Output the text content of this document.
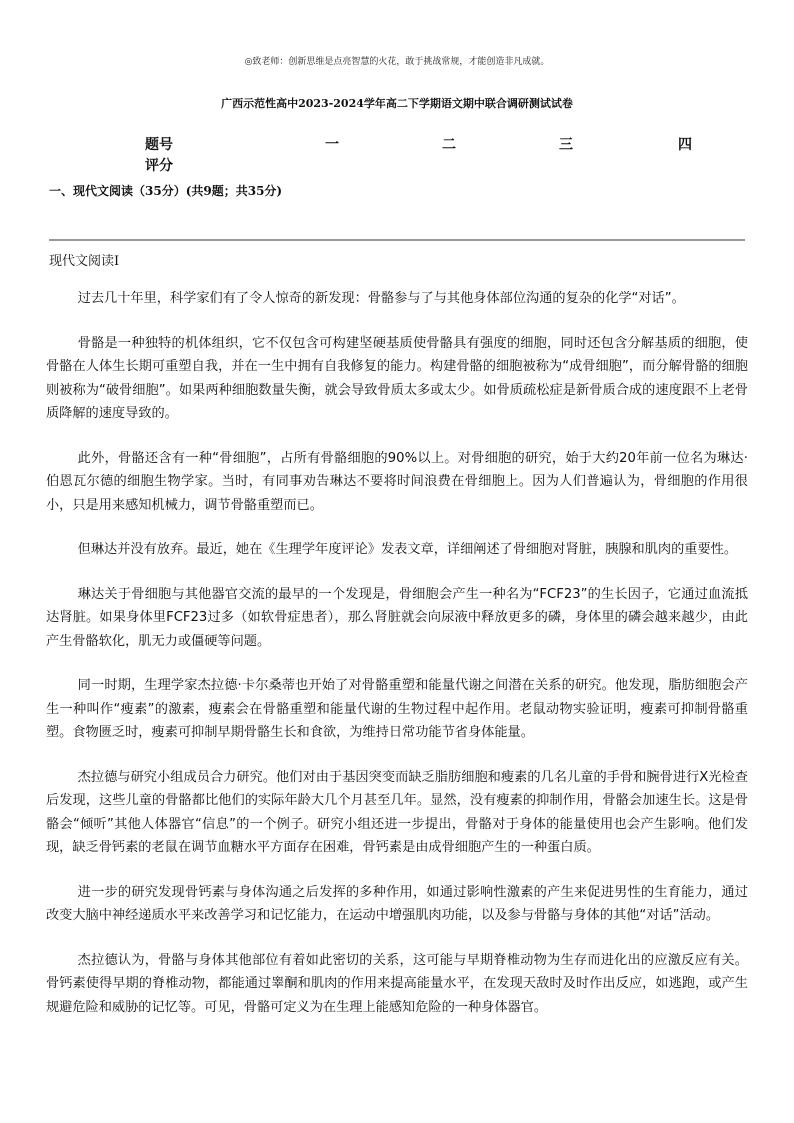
◎致老师：创新思维是点亮智慧的火花，敢于挑战常规，才能创造非凡成就。
广西示范性高中2023-2024学年高二下学期语文期中联合调研测试试卷
题号	一	二	三	四
评分
一、现代文阅读（35分）(共9题；共35分)
现代文阅读Ⅰ

过去几十年里，科学家们有了令人惊奇的新发现：骨骼参与了与其他身体部位沟通的复杂的化学“对话”。

骨骼是一种独特的机体组织，它不仅包含可构建坚硬基质使骨骼具有强度的细胞，同时还包含分解基质的细胞，使骨骼在人体生长期可重塑自我，并在一生中拥有自我修复的能力。构建骨骼的细胞被称为“成骨细胞”，而分解骨骼的细胞则被称为“破骨细胞”。如果两种细胞数量失衡，就会导致骨质太多或太少。如骨质疏松症是新骨质合成的速度跟不上老骨质降解的速度导致的。

此外，骨骼还含有一种“骨细胞”，占所有骨骼细胞的90%以上。对骨细胞的研究，始于大约20年前一位名为琳达·伯恩瓦尔德的细胞生物学家。当时，有同事劝告琳达不要将时间浪费在骨细胞上。因为人们普遍认为，骨细胞的作用很小，只是用来感知机械力，调节骨骼重塑而已。

但琳达并没有放弃。最近，她在《生理学年度评论》发表文章，详细阐述了骨细胞对肾脏，胰腺和肌肉的重要性。

琳达关于骨细胞与其他器官交流的最早的一个发现是，骨细胞会产生一种名为“FCF23”的生长因子，它通过血流抵达肾脏。如果身体里FCF23过多（如软骨症患者），那么肾脏就会向尿液中释放更多的磷，身体里的磷会越来越少，由此产生骨骼软化，肌无力或僵硬等问题。

同一时期，生理学家杰拉德·卡尔桑蒂也开始了对骨骼重塑和能量代谢之间潜在关系的研究。他发现，脂肪细胞会产生一种叫作“瘦素”的激素，瘦素会在骨骼重塑和能量代谢的生物过程中起作用。老鼠动物实验证明，瘦素可抑制骨骼重塑。食物匮乏时，瘦素可抑制早期骨骼生长和食欲，为维持日常功能节省身体能量。

杰拉德与研究小组成员合力研究。他们对由于基因突变而缺乏脂肪细胞和瘦素的几名儿童的手骨和腕骨进行X光检查后发现，这些儿童的骨骼都比他们的实际年龄大几个月甚至几年。显然，没有瘦素的抑制作用，骨骼会加速生长。这是骨骼会“倾听”其他人体器官“信息”的一个例子。研究小组还进一步提出，骨骼对于身体的能量使用也会产生影响。他们发现，缺乏骨钙素的老鼠在调节血糖水平方面存在困难，骨钙素是由成骨细胞产生的一种蛋白质。

进一步的研究发现骨钙素与身体沟通之后发挥的多种作用，如通过影响性激素的产生来促进男性的生育能力，通过改变大脑中神经递质水平来改善学习和记忆能力，在运动中增强肌肉功能，以及参与骨骼与身体的其他“对话”活动。

杰拉德认为，骨骼与身体其他部位有着如此密切的关系，这可能与早期脊椎动物为生存而进化出的应激反应有关。骨钙素使得早期的脊椎动物，都能通过睾酮和肌肉的作用来提高能量水平，在发现天敌时及时作出反应，如逃跑，或产生规避危险和威胁的记忆等。可见，骨骼可定义为在生理上能感知危险的一种身体器官。
